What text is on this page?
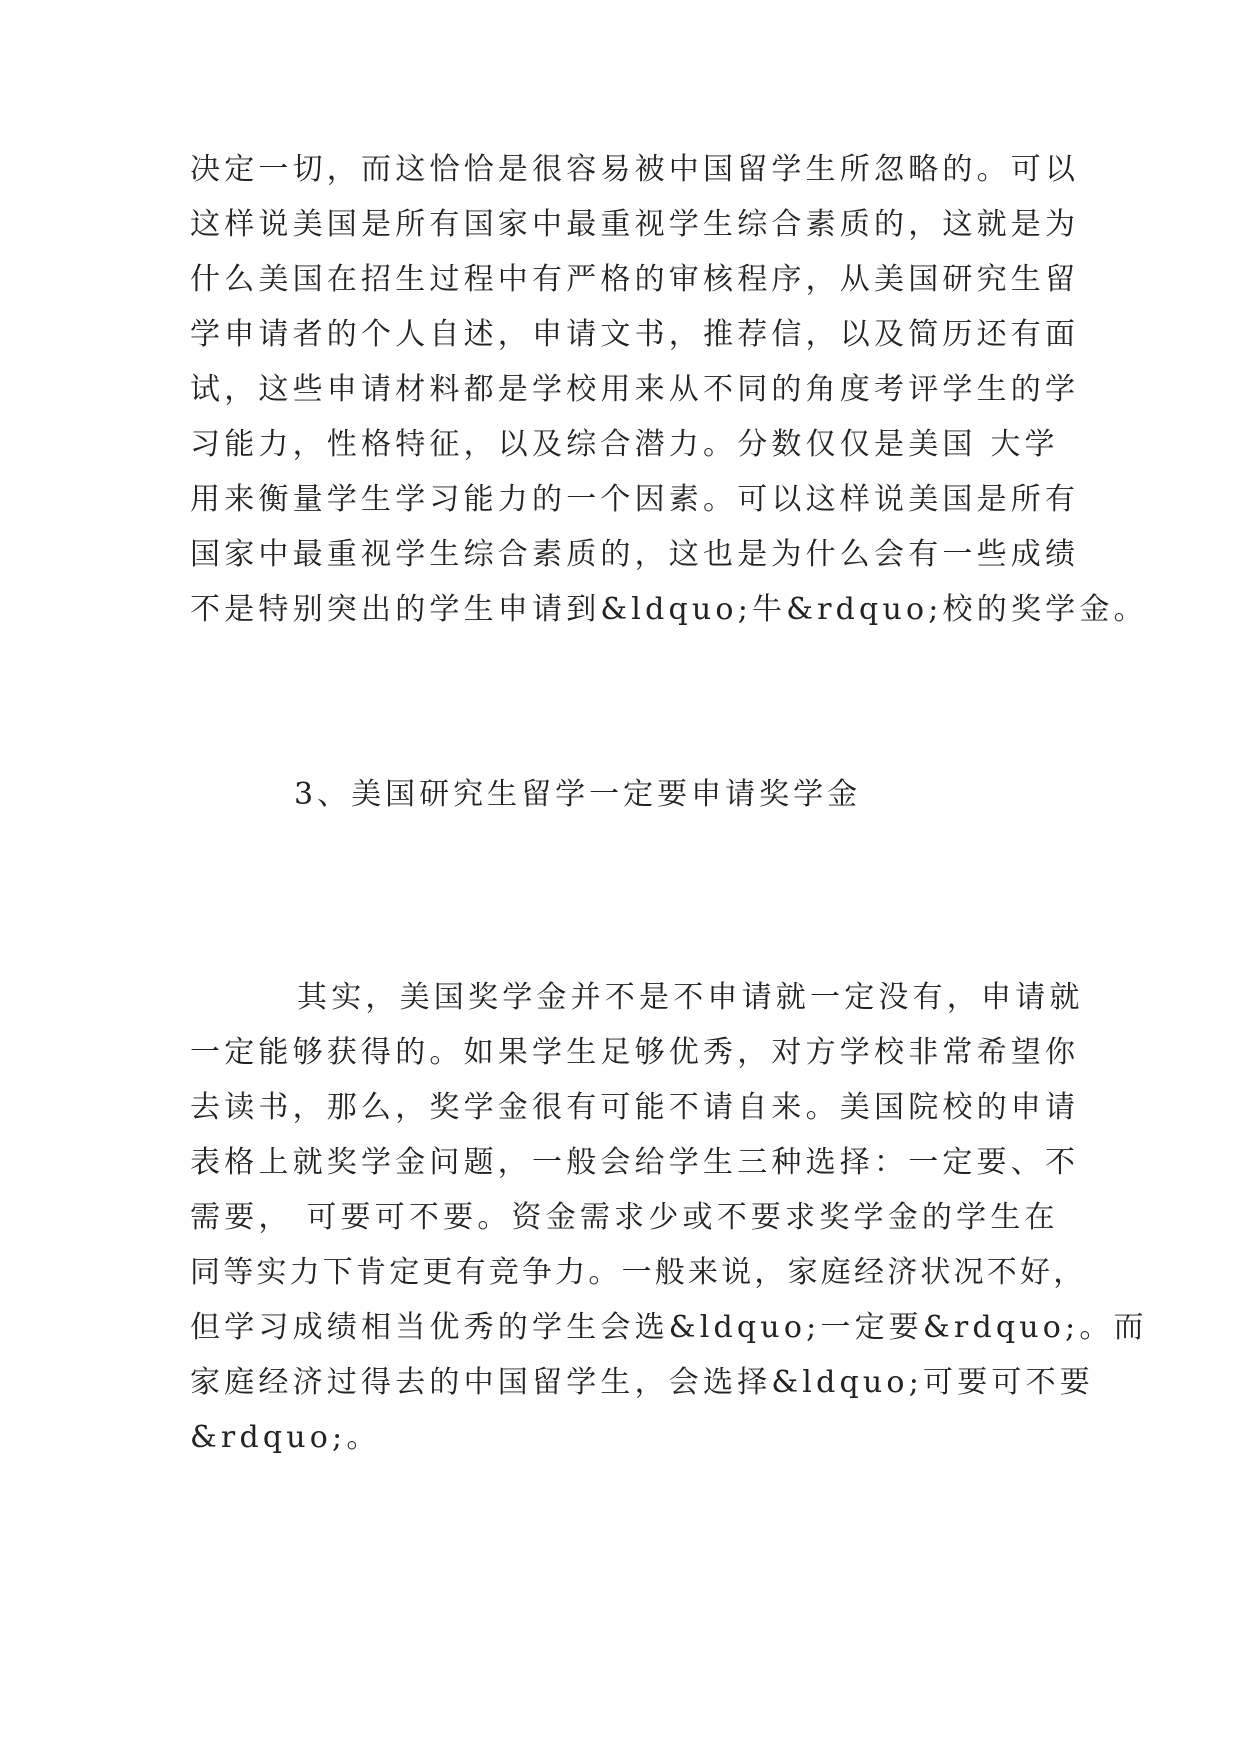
决定一切，而这恰恰是很容易被中国留学生所忽略的。可以
这样说美国是所有国家中最重视学生综合素质的，这就是为
什么美国在招生过程中有严格的审核程序，从美国研究生留
学申请者的个人自述，申请文书，推荐信，以及简历还有面
试，这些申请材料都是学校用来从不同的角度考评学生的学
习能力，性格特征，以及综合潜力。分数仅仅是美国 大学
用来衡量学生学习能力的一个因素。可以这样说美国是所有
国家中最重视学生综合素质的，这也是为什么会有一些成绩
不是特别突出的学生申请到&ldquo;牛&rdquo;校的奖学金。
3、美国研究生留学一定要申请奖学金
其实，美国奖学金并不是不申请就一定没有，申请就
一定能够获得的。如果学生足够优秀，对方学校非常希望你
去读书，那么，奖学金很有可能不请自来。美国院校的申请
表格上就奖学金问题，一般会给学生三种选择：一定要、不
需要， 可要可不要。资金需求少或不要求奖学金的学生在
同等实力下肯定更有竞争力。一般来说，家庭经济状况不好，
但学习成绩相当优秀的学生会选&ldquo;一定要&rdquo;。而
家庭经济过得去的中国留学生，会选择&ldquo;可要可不要
&rdquo;。
